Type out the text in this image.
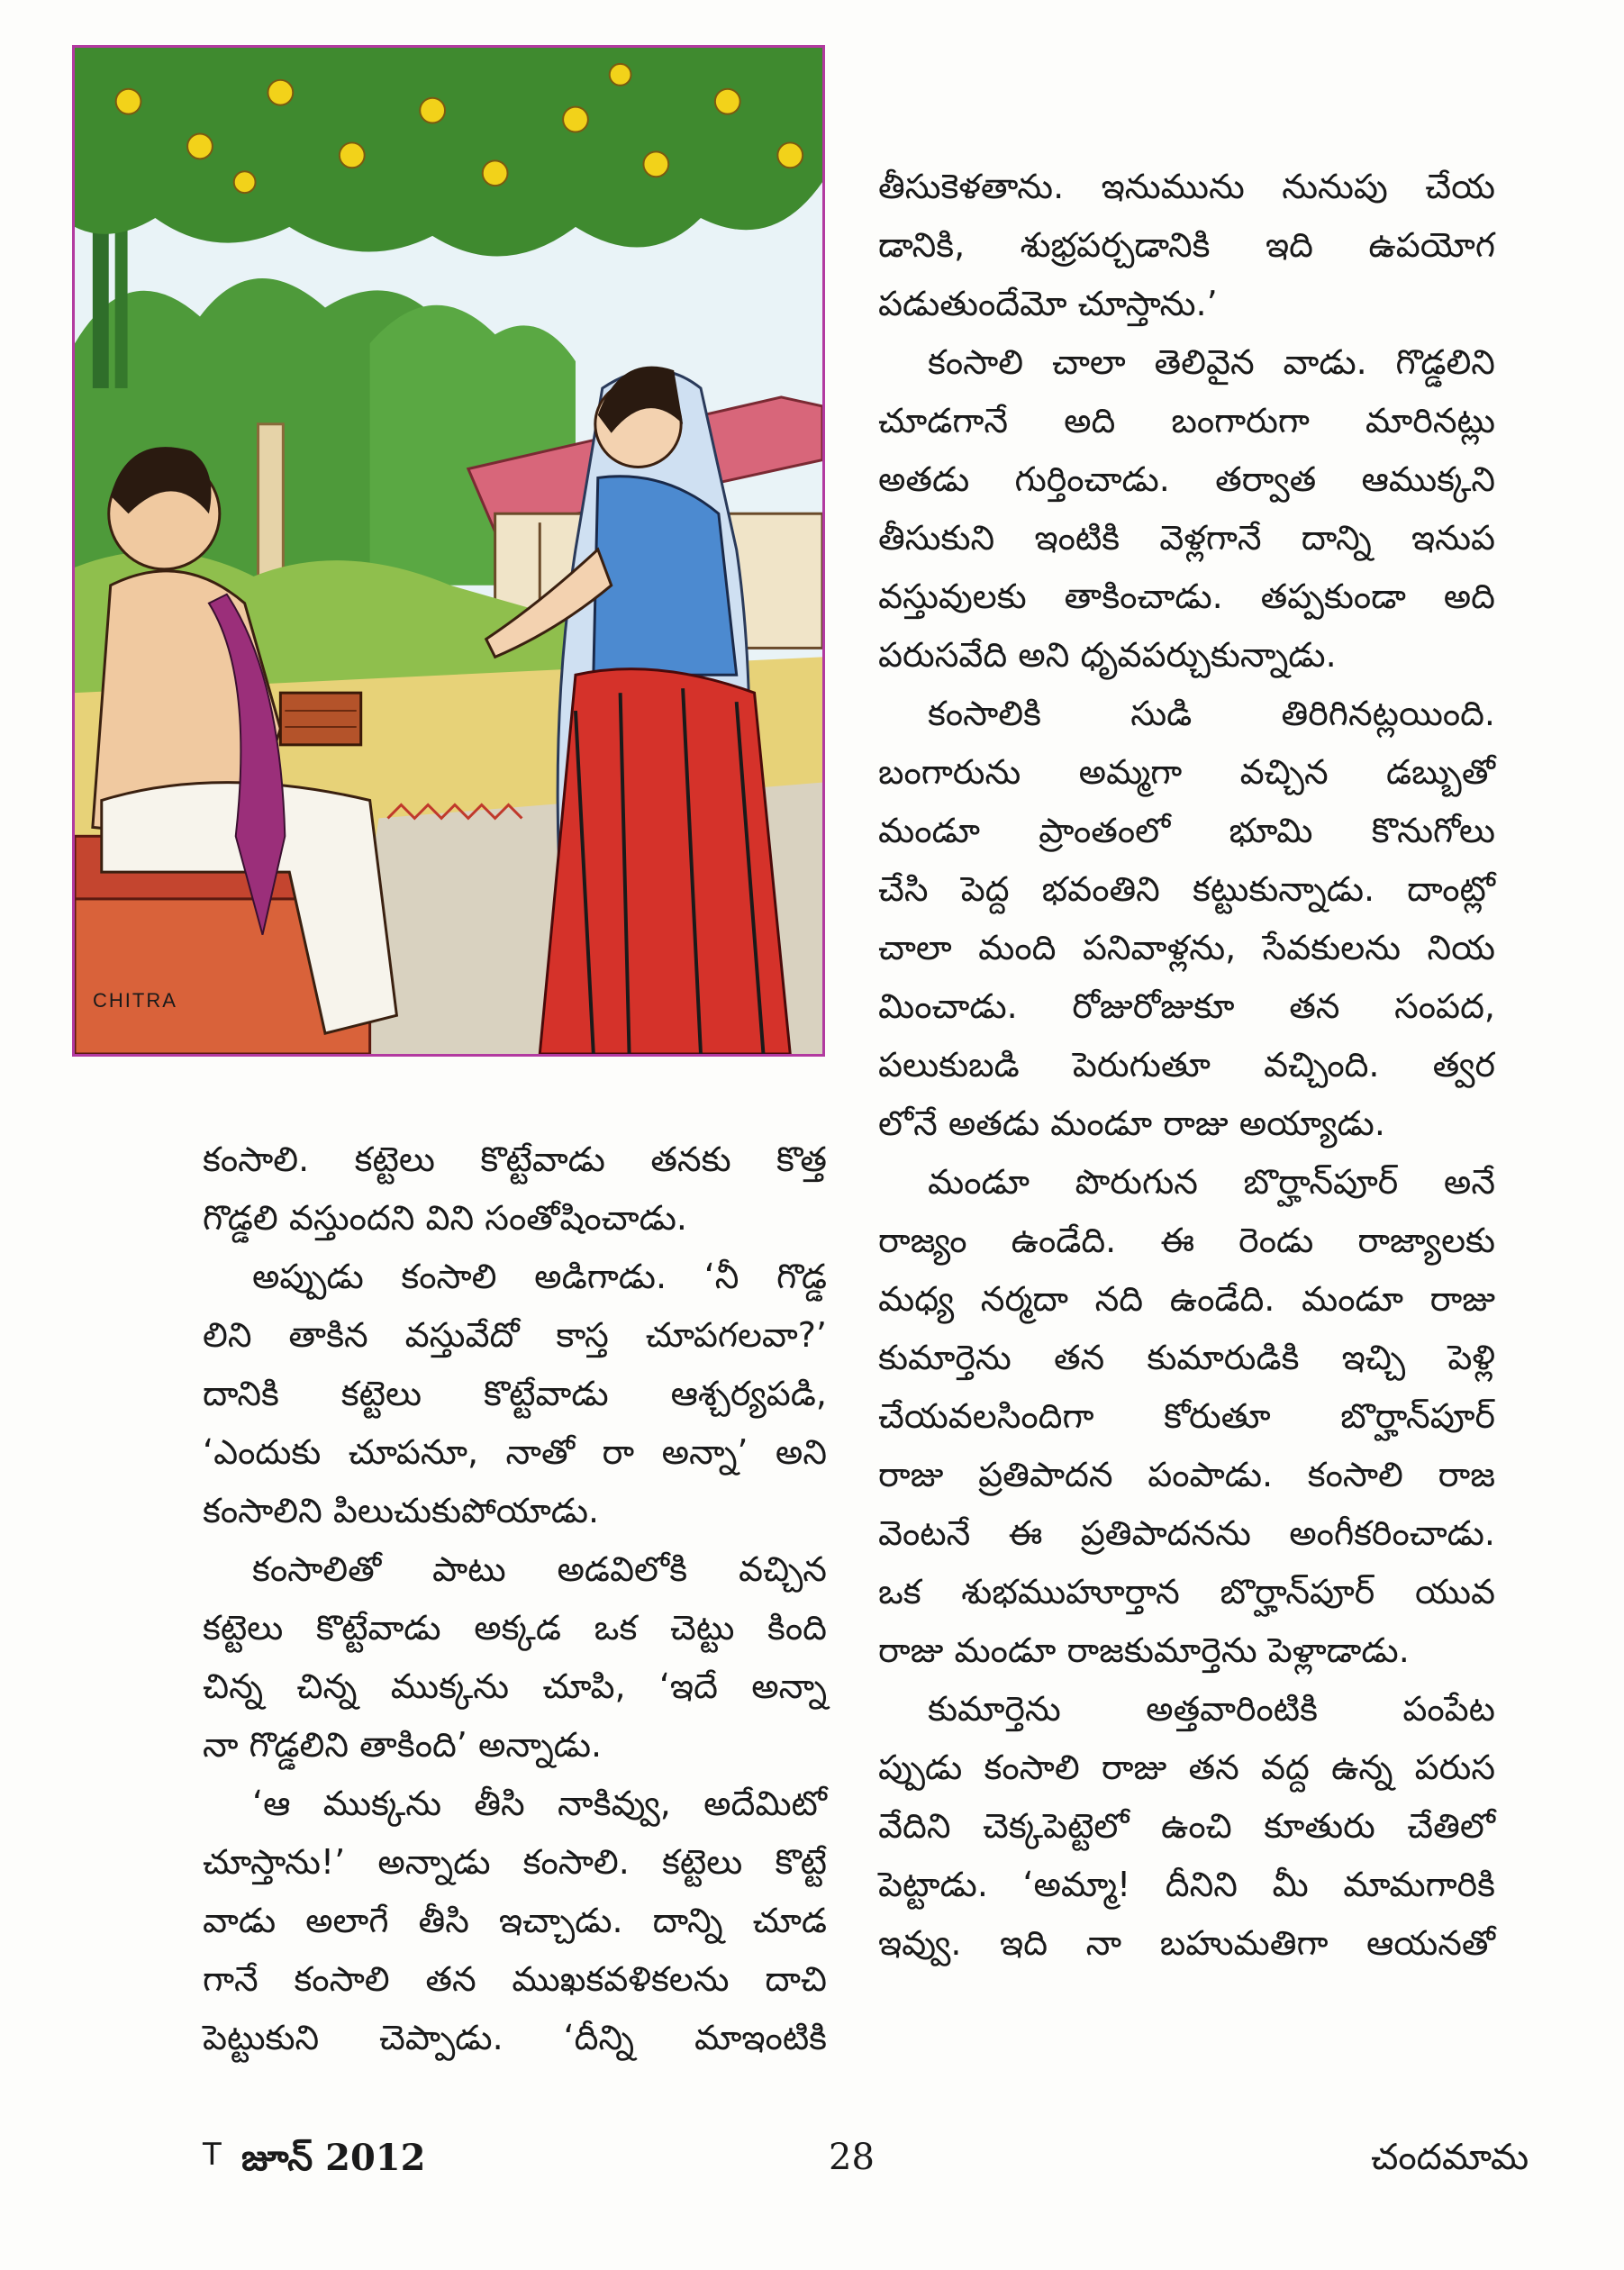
CHITRA

తీసుకెళతాను. ఇనుమును నునుపు చేయ
డానికి, శుభ్రపర్చడానికి ఇది ఉపయోగ
పడుతుందేమో చూస్తాను.’

కంసాలి చాలా తెలివైన వాడు. గొడ్డలిని
చూడగానే అది బంగారుగా మారినట్లు
అతడు గుర్తించాడు. తర్వాత ఆముక్కని
తీసుకుని ఇంటికి వెళ్లగానే దాన్ని ఇనుప
వస్తువులకు తాకించాడు. తప్పకుండా అది
పరుసవేది అని ధృవపర్చుకున్నాడు.

కంసాలికి సుడి తిరిగినట్లయింది.
బంగారును అమ్మగా వచ్చిన డబ్బుతో
మండూ ప్రాంతంలో భూమి కొనుగోలు
చేసి పెద్ద భవంతిని కట్టుకున్నాడు. దాంట్లో
చాలా మంది పనివాళ్లను, సేవకులను నియ
మించాడు. రోజురోజుకూ తన సంపద,
పలుకుబడి పెరుగుతూ వచ్చింది. త్వర
లోనే అతడు మండూ రాజు అయ్యాడు.

మండూ పొరుగున బొర్హాన్‌పూర్ అనే
రాజ్యం ఉండేది. ఈ రెండు రాజ్యాలకు
మధ్య నర్మదా నది ఉండేది. మండూ రాజు
కుమార్తెను తన కుమారుడికి ఇచ్చి పెళ్లి
చేయవలసిందిగా కోరుతూ బొర్హాన్‌పూర్
రాజు ప్రతిపాదన పంపాడు. కంసాలి రాజ
వెంటనే ఈ ప్రతిపాదనను అంగీకరించాడు.
ఒక శుభముహూర్తాన బొర్హాన్‌పూర్ యువ
రాజు మండూ రాజకుమార్తెను పెళ్లాడాడు.

కుమార్తెను అత్తవారింటికి పంపేట
ప్పుడు కంసాలి రాజు తన వద్ద ఉన్న పరుస
వేదిని చెక్కపెట్టెలో ఉంచి కూతురు చేతిలో
పెట్టాడు. ‘అమ్మా! దీనిని మీ మామగారికి
ఇవ్వు. ఇది నా బహుమతిగా ఆయనతో

కంసాలి. కట్టెలు కొట్టేవాడు తనకు కొత్త
గొడ్డలి వస్తుందని విని సంతోషించాడు.

అప్పుడు కంసాలి అడిగాడు. ‘నీ గొడ్డ
లిని తాకిన వస్తువేదో కాస్త చూపగలవా?’
దానికి కట్టెలు కొట్టేవాడు ఆశ్చర్యపడి,
‘ఎందుకు చూపనూ, నాతో రా అన్నా’ అని
కంసాలిని పిలుచుకుపోయాడు.

కంసాలితో పాటు అడవిలోకి వచ్చిన
కట్టెలు కొట్టేవాడు అక్కడ ఒక చెట్టు కింది
చిన్న చిన్న ముక్కను చూపి, ‘ఇదే అన్నా
నా గొడ్డలిని తాకింది’ అన్నాడు.

‘ఆ ముక్కను తీసి నాకివ్వు, అదేమిటో
చూస్తాను!’ అన్నాడు కంసాలి. కట్టెలు కొట్టే
వాడు అలాగే తీసి ఇచ్చాడు. దాన్ని చూడ
గానే కంసాలి తన ముఖకవళికలను దాచి
పెట్టుకుని చెప్పాడు. ‘దీన్ని మాఇంటికి

T జూన్ 2012	28	చందమామ
